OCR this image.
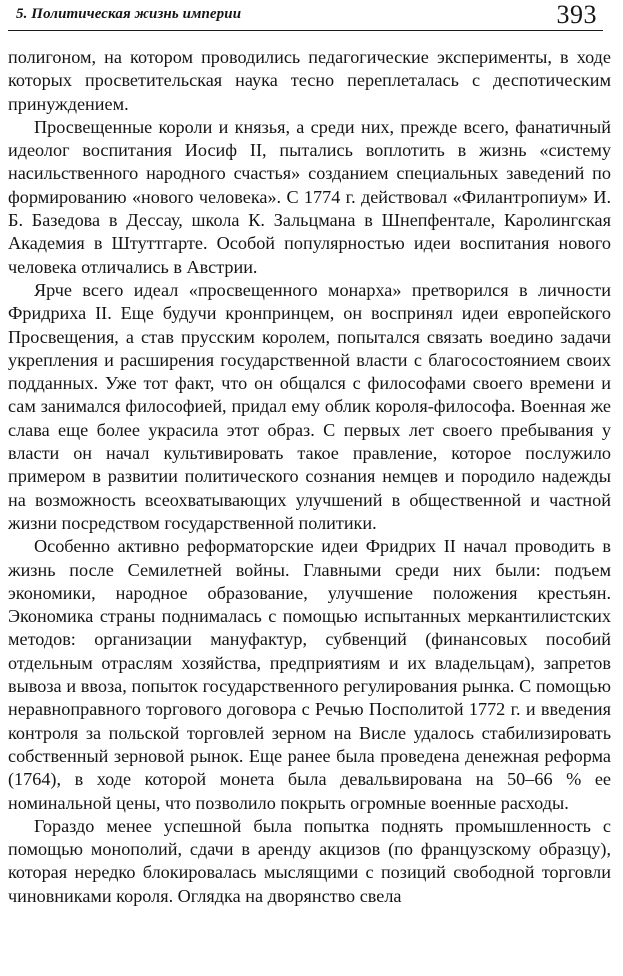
5. Политическая жизнь империи	393

полигоном, на котором проводились педагогические эксперименты, в ходе которых просветительская наука тесно переплеталась с деспотическим принуждением.

Просвещенные короли и князья, а среди них, прежде всего, фанатичный идеолог воспитания Иосиф II, пытались воплотить в жизнь «систему насильственного народного счастья» созданием специальных заведений по формированию «нового человека». С 1774 г. действовал «Филантропиум» И. Б. Базедова в Дессау, школа К. Зальцмана в Шнепфентале, Каролингская Академия в Штуттгарте. Особой популярностью идеи воспитания нового человека отличались в Австрии.

Ярче всего идеал «просвещенного монарха» претворился в личности Фридриха II. Еще будучи кронпринцем, он воспринял идеи европейского Просвещения, а став прусским королем, попытался связать воедино задачи укрепления и расширения государственной власти с благосостоянием своих подданных. Уже тот факт, что он общался с философами своего времени и сам занимался философией, придал ему облик короля-философа. Военная же слава еще более украсила этот образ. С первых лет своего пребывания у власти он начал культивировать такое правление, которое послужило примером в развитии политического сознания немцев и породило надежды на возможность всеохватывающих улучшений в общественной и частной жизни посредством государственной политики.

Особенно активно реформаторские идеи Фридрих II начал проводить в жизнь после Семилетней войны. Главными среди них были: подъем экономики, народное образование, улучшение положения крестьян. Экономика страны поднималась с помощью испытанных меркантилистских методов: организации мануфактур, субвенций (финансовых пособий отдельным отраслям хозяйства, предприятиям и их владельцам), запретов вывоза и ввоза, попыток государственного регулирования рынка. С помощью неравноправного торгового договора с Речью Посполитой 1772 г. и введения контроля за польской торговлей зерном на Висле удалось стабилизировать собственный зерновой рынок. Еще ранее была проведена денежная реформа (1764), в ходе которой монета была девальвирована на 50–66 % ее номинальной цены, что позволило покрыть огромные военные расходы.

Гораздо менее успешной была попытка поднять промышленность с помощью монополий, сдачи в аренду акцизов (по французскому образцу), которая нередко блокировалась мыслящими с позиций свободной торговли чиновниками короля. Оглядка на дворянство свела
